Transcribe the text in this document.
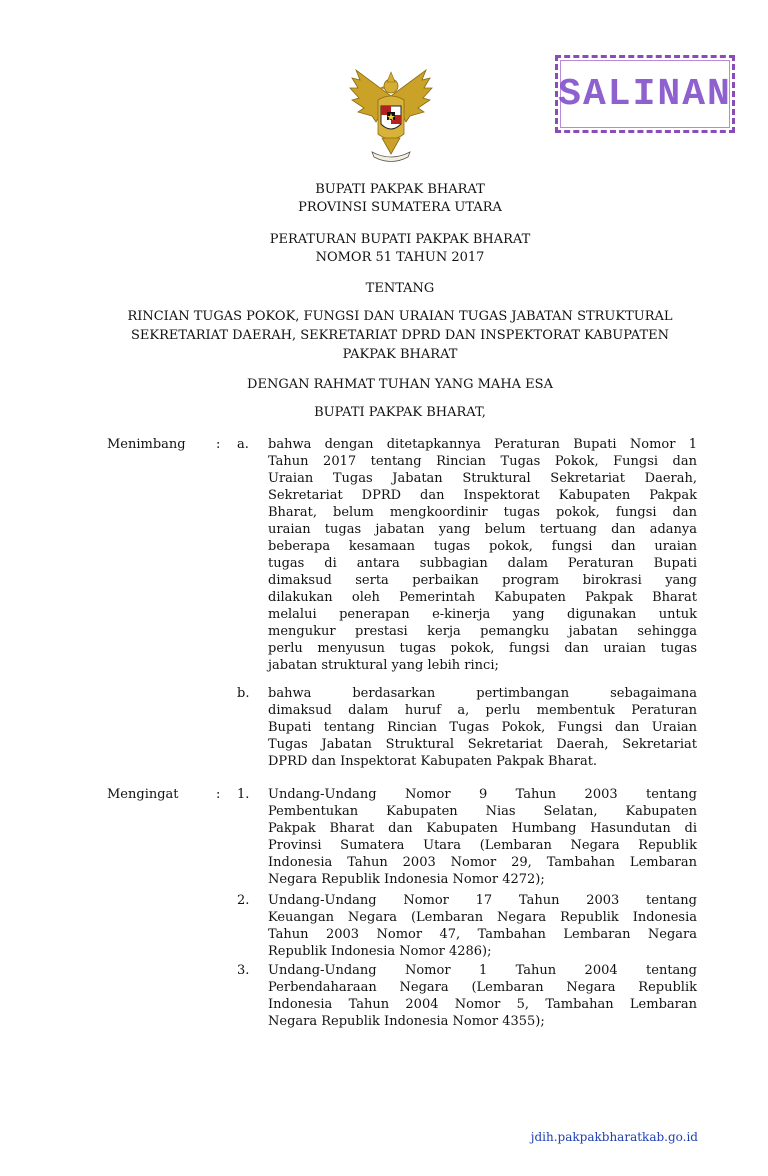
SALINAN

BUPATI PAKPAK BHARAT

PROVINSI SUMATERA UTARA

PERATURAN BUPATI PAKPAK BHARAT

NOMOR 51 TAHUN 2017

TENTANG

RINCIAN TUGAS POKOK, FUNGSI DAN URAIAN TUGAS JABATAN STRUKTURAL

SEKRETARIAT DAERAH, SEKRETARIAT DPRD DAN INSPEKTORAT KABUPATEN

PAKPAK BHARAT

DENGAN RAHMAT TUHAN YANG MAHA ESA

BUPATI PAKPAK BHARAT,

Menimbang : a.	bahwa dengan ditetapkannya Peraturan Bupati Nomor 1
Tahun 2017 tentang Rincian Tugas Pokok, Fungsi dan
Uraian Tugas Jabatan Struktural Sekretariat Daerah,
Sekretariat DPRD dan Inspektorat Kabupaten Pakpak
Bharat, belum mengkoordinir tugas pokok, fungsi dan
uraian tugas jabatan yang belum tertuang dan adanya
beberapa kesamaan tugas pokok, fungsi dan uraian
tugas di antara subbagian dalam Peraturan Bupati
dimaksud serta perbaikan program birokrasi yang
dilakukan oleh Pemerintah Kabupaten Pakpak Bharat
melalui penerapan e-kinerja yang digunakan untuk
mengukur prestasi kerja pemangku jabatan sehingga
perlu menyusun tugas pokok, fungsi dan uraian tugas
jabatan struktural yang lebih rinci;
b.	bahwa berdasarkan pertimbangan sebagaimana
dimaksud dalam huruf a, perlu membentuk Peraturan
Bupati tentang Rincian Tugas Pokok, Fungsi dan Uraian
Tugas Jabatan Struktural Sekretariat Daerah, Sekretariat
DPRD dan Inspektorat Kabupaten Pakpak Bharat.
Mengingat	: 1.	Undang-Undang Nomor 9 Tahun 2003 tentang
Pembentukan Kabupaten Nias Selatan, Kabupaten
Pakpak Bharat dan Kabupaten Humbang Hasundutan di
Provinsi Sumatera Utara (Lembaran Negara Republik
Indonesia Tahun 2003 Nomor 29, Tambahan Lembaran
Negara Republik Indonesia Nomor 4272);
2.	Undang-Undang Nomor 17 Tahun 2003 tentang
Keuangan Negara (Lembaran Negara Republik Indonesia
Tahun 2003 Nomor 47, Tambahan Lembaran Negara
Republik Indonesia Nomor 4286);
3.	Undang-Undang Nomor 1 Tahun 2004 tentang
Perbendaharaan Negara (Lembaran Negara Republik
Indonesia Tahun 2004 Nomor 5, Tambahan Lembaran
Negara Republik Indonesia Nomor 4355);
jdih.pakpakbharatkab.go.id
